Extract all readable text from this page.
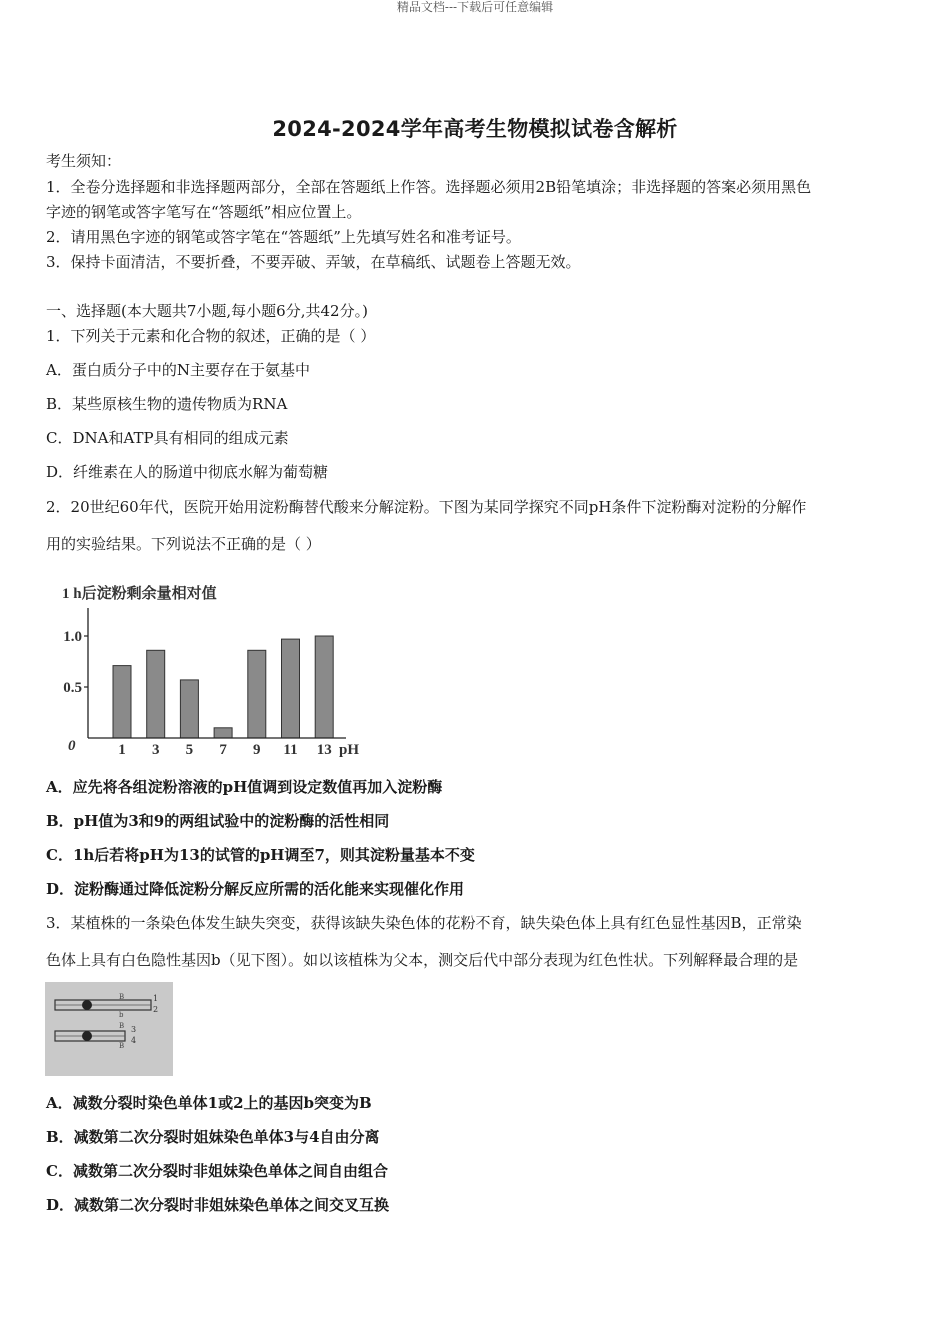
精品文档---下载后可任意编辑
2024-2024学年高考生物模拟试卷含解析
考生须知：
1．全卷分选择题和非选择题两部分，全部在答题纸上作答。选择题必须用2B铅笔填涂；非选择题的答案必须用黑色
字迹的钢笔或答字笔写在“答题纸”相应位置上。
2．请用黑色字迹的钢笔或答字笔在“答题纸”上先填写姓名和准考证号。
3．保持卡面清洁，不要折叠，不要弄破、弄皱，在草稿纸、试题卷上答题无效。
一、选择题(本大题共7小题,每小题6分,共42分。)
1．下列关于元素和化合物的叙述，正确的是（ ）
A．蛋白质分子中的N主要存在于氨基中
B．某些原核生物的遗传物质为RNA
C．DNA和ATP具有相同的组成元素
D．纤维素在人的肠道中彻底水解为葡萄糖
2．20世纪60年代，医院开始用淀粉酶替代酸来分解淀粉。下图为某同学探究不同pH条件下淀粉酶对淀粉的分解作
用的实验结果。下列说法不正确的是（ ）
1 h后淀粉剩余量相对值
0	1 3 5 7 9 11 13
0.5
1.0
pH
A．应先将各组淀粉溶液的pH值调到设定数值再加入淀粉酶
B．pH值为3和9的两组试验中的淀粉酶的活性相同
C．1h后若将pH为13的试管的pH调至7，则其淀粉量基本不变
D．淀粉酶通过降低淀粉分解反应所需的活化能来实现催化作用
3．某植株的一条染色体发生缺失突变，获得该缺失染色体的花粉不育，缺失染色体上具有红色显性基因B，正常染
色体上具有白色隐性基因b（见下图）。如以该植株为父本，测交后代中部分表现为红色性状。下列解释最合理的是
1
2
3
4
B
b
B
B
A．减数分裂时染色单体1或2上的基因b突变为B
B．减数第二次分裂时姐妹染色单体3与4自由分离
C．减数第二次分裂时非姐妹染色单体之间自由组合
D．减数第二次分裂时非姐妹染色单体之间交叉互换
